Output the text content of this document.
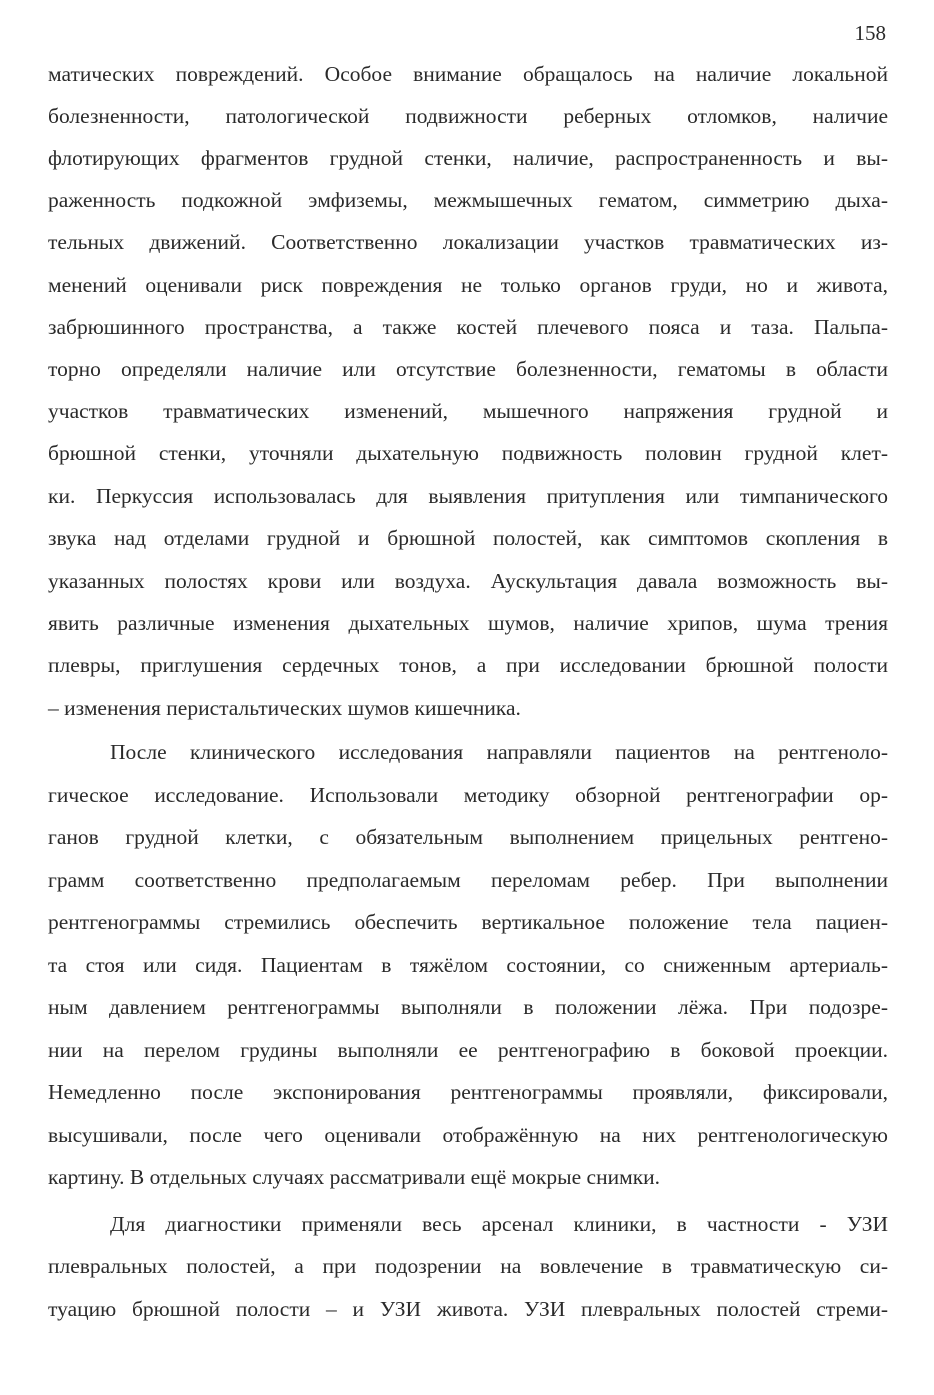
158
матических повреждений. Особое внимание обращалось на наличие локальной
болезненности, патологической подвижности реберных отломков, наличие
флотирующих фрагментов грудной стенки, наличие, распространенность и вы-
раженность подкожной эмфиземы, межмышечных гематом, симметрию дыха-
тельных движений. Соответственно локализации участков травматических из-
менений оценивали риск повреждения не только органов груди, но и живота,
забрюшинного пространства, а также костей плечевого пояса и таза. Пальпа-
торно определяли наличие или отсутствие болезненности, гематомы в области
участков травматических изменений, мышечного напряжения грудной и
брюшной стенки, уточняли дыхательную подвижность половин грудной клет-
ки. Перкуссия использовалась для выявления притупления или тимпанического
звука над отделами грудной и брюшной полостей, как симптомов скопления в
указанных полостях крови или воздуха. Аускультация давала возможность вы-
явить различные изменения дыхательных шумов, наличие хрипов, шума трения
плевры, приглушения сердечных тонов, а при исследовании брюшной полости
– изменения перистальтических шумов кишечника.
После клинического исследования направляли пациентов на рентгеноло-
гическое исследование. Использовали методику обзорной рентгенографии ор-
ганов грудной клетки, с обязательным выполнением прицельных рентгено-
грамм соответственно предполагаемым переломам ребер. При выполнении
рентгенограммы стремились обеспечить вертикальное положение тела пациен-
та стоя или сидя. Пациентам в тяжёлом состоянии, со сниженным артериаль-
ным давлением рентгенограммы выполняли в положении лёжа. При подозре-
нии на перелом грудины выполняли ее рентгенографию в боковой проекции.
Немедленно после экспонирования рентгенограммы проявляли, фиксировали,
высушивали, после чего оценивали отображённую на них рентгенологическую
картину. В отдельных случаях рассматривали ещё мокрые снимки.
Для диагностики применяли весь арсенал клиники, в частности - УЗИ
плевральных полостей, а при подозрении на вовлечение в травматическую си-
туацию брюшной полости – и УЗИ живота. УЗИ плевральных полостей стреми-
